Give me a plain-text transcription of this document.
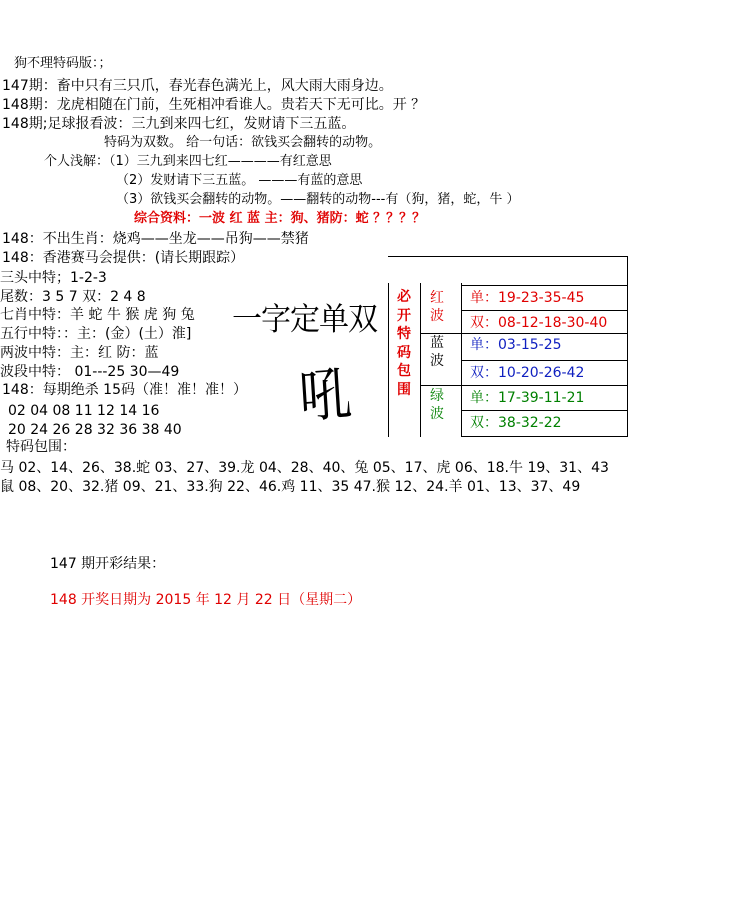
狗不理特码版：；
147期：畜中只有三只爪，春光春色满光上，风大雨大雨身边。
148期：龙虎相随在门前，生死相冲看谁人。贵若天下无可比。开 ？
148期;足球报看波：三九到来四七红，发财请下三五蓝。
特码为双数。 给一句话：欲钱买会翻转的动物。
个人浅解：（1）三九到来四七红————有红意思
（2）发财请下三五蓝。 ———有蓝的意思
（3）欲钱买会翻转的动物。——翻转的动物---有（狗，猪，蛇，牛 ）
综合资料：一波 红 蓝 主：狗、猪防：蛇 ？？？？
148：不出生肖：烧鸡——坐龙——吊狗——禁猪
148：香港赛马会提供：(请长期跟踪）
三头中特；1-2-3
尾数：3 5 7 双：2 4 8
七肖中特：羊 蛇 牛 猴 虎 狗 兔
五行中特：：主：(金）(土）淮]
两波中特：主：红 防：蓝
波段中特： 01---25 30—49
148：每期绝杀 15码（准！准！准！）
02 04 08 11 12 14 16
20 24 26 28 32 36 38 40
特码包围：
马 02、14、26、38.蛇 03、27、39.龙 04、28、40、兔 05、17、虎 06、18.牛 19、31、43
鼠 08、20、32.猪 09、21、33.狗 22、46.鸡 11、35 47.猴 12、24.羊 01、13、37、49
一字定单双
吼
必开特码包围
红波
蓝波
绿波
单：19-23-35-45
双：08-12-18-30-40
单：03-15-25
双：10-20-26-42
单：17-39-11-21
双：38-32-22
147 期开彩结果：
148 开奖日期为 2015 年 12 月 22 日（星期二）
